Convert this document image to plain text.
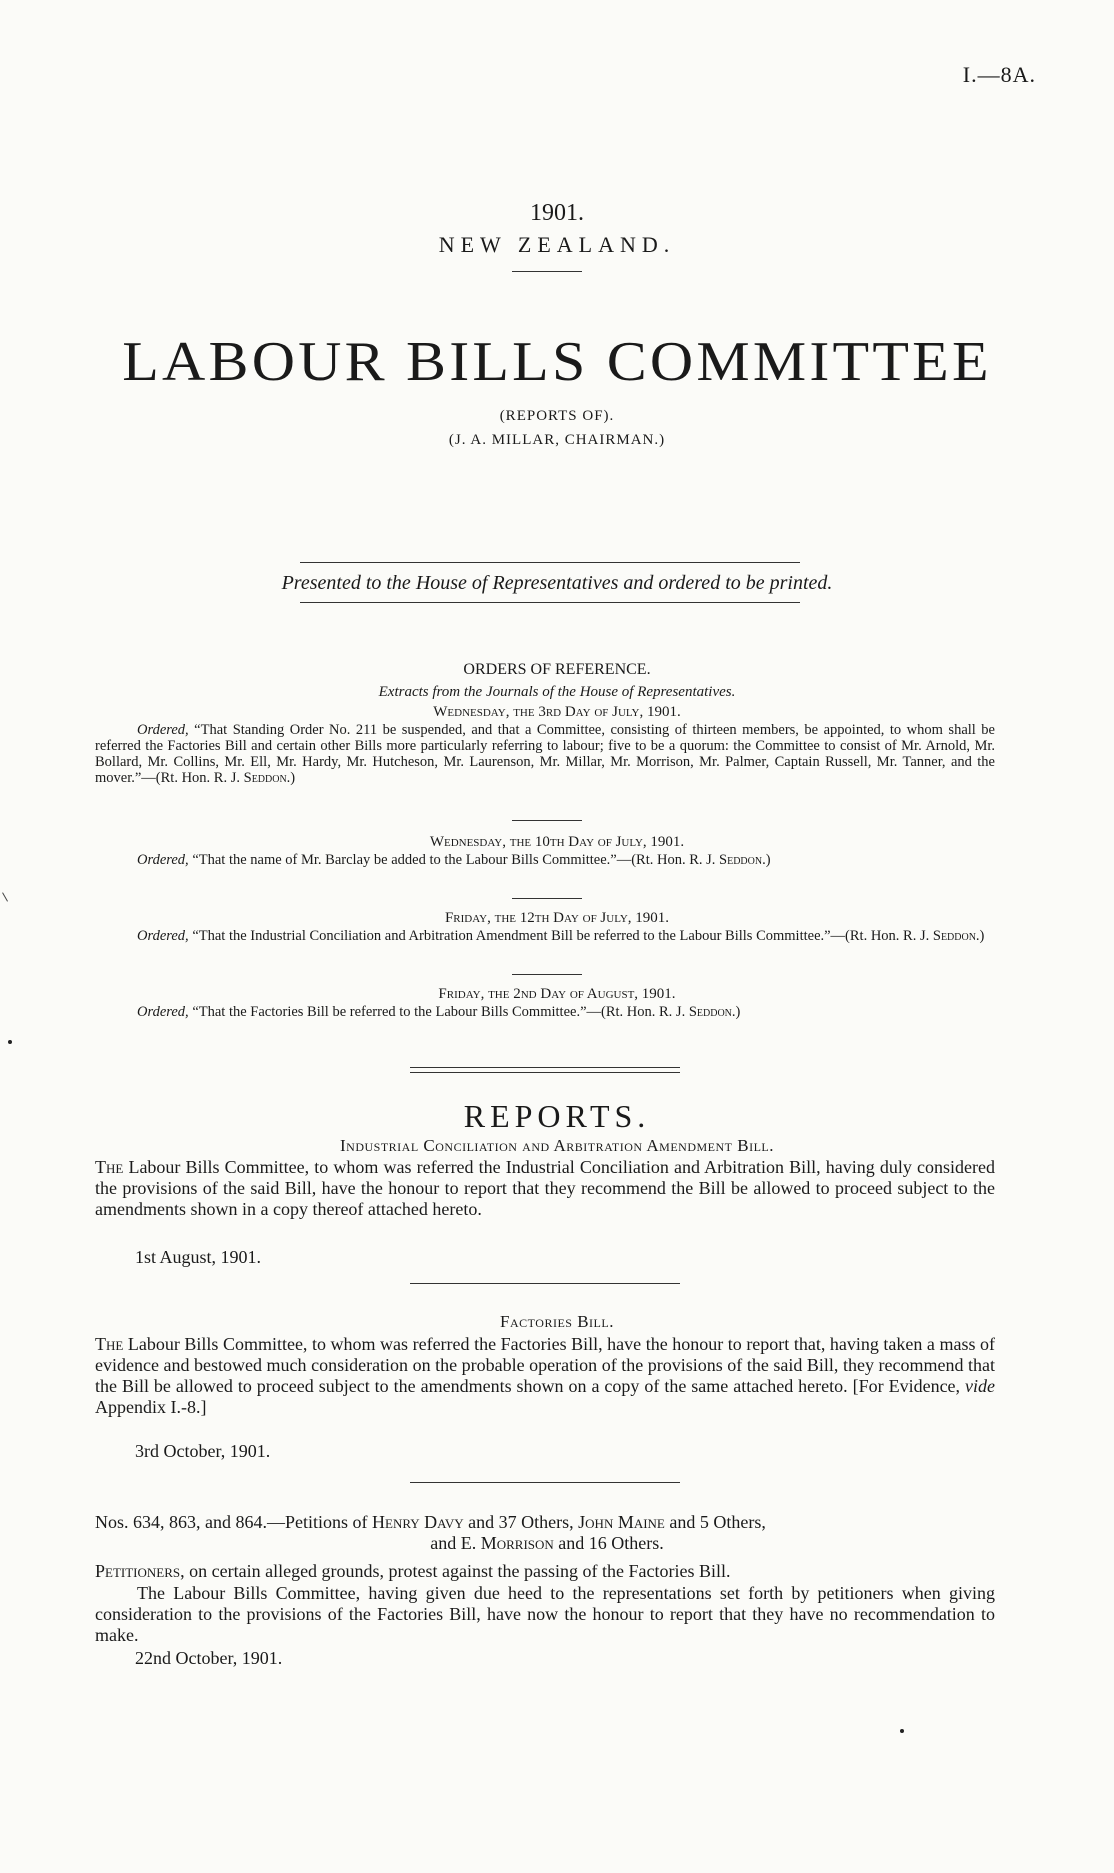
I.—8A.
1901.
NEW ZEALAND.
LABOUR BILLS COMMITTEE
(REPORTS OF).
(J. A. MILLAR, CHAIRMAN.)
Presented to the House of Representatives and ordered to be printed.
ORDERS OF REFERENCE.
Extracts from the Journals of the House of Representatives.
Wednesday, the 3rd Day of July, 1901.
Ordered, “That Standing Order No. 211 be suspended, and that a Committee, consisting of thirteen members, be appointed, to whom shall be referred the Factories Bill and certain other Bills more particularly referring to labour; five to be a quorum: the Committee to consist of Mr. Arnold, Mr. Bollard, Mr. Collins, Mr. Ell, Mr. Hardy, Mr. Hutcheson, Mr. Laurenson, Mr. Millar, Mr. Morrison, Mr. Palmer, Captain Russell, Mr. Tanner, and the mover.”—(Rt. Hon. R. J. Seddon.)
Wednesday, the 10th Day of July, 1901.
Ordered, “That the name of Mr. Barclay be added to the Labour Bills Committee.”—(Rt. Hon. R. J. Seddon.)
Friday, the 12th Day of July, 1901.
Ordered, “That the Industrial Conciliation and Arbitration Amendment Bill be referred to the Labour Bills Committee.”—(Rt. Hon. R. J. Seddon.)
Friday, the 2nd Day of August, 1901.
Ordered, “That the Factories Bill be referred to the Labour Bills Committee.”—(Rt. Hon. R. J. Seddon.)
REPORTS.
Industrial Conciliation and Arbitration Amendment Bill.
The Labour Bills Committee, to whom was referred the Industrial Conciliation and Arbitration Bill, having duly considered the provisions of the said Bill, have the honour to report that they recommend the Bill be allowed to proceed subject to the amendments shown in a copy thereof attached hereto.
1st August, 1901.
Factories Bill.
The Labour Bills Committee, to whom was referred the Factories Bill, have the honour to report that, having taken a mass of evidence and bestowed much consideration on the probable operation of the provisions of the said Bill, they recommend that the Bill be allowed to proceed subject to the amendments shown on a copy of the same attached hereto. [For Evidence, vide Appendix I.-8.]
3rd October, 1901.
Nos. 634, 863, and 864.—Petitions of Henry Davy and 37 Others, John Maine and 5 Others,
and E. Morrison and 16 Others.
Petitioners, on certain alleged grounds, protest against the passing of the Factories Bill.
The Labour Bills Committee, having given due heed to the representations set forth by petitioners when giving consideration to the provisions of the Factories Bill, have now the honour to report that they have no recommendation to make.
22nd October, 1901.
